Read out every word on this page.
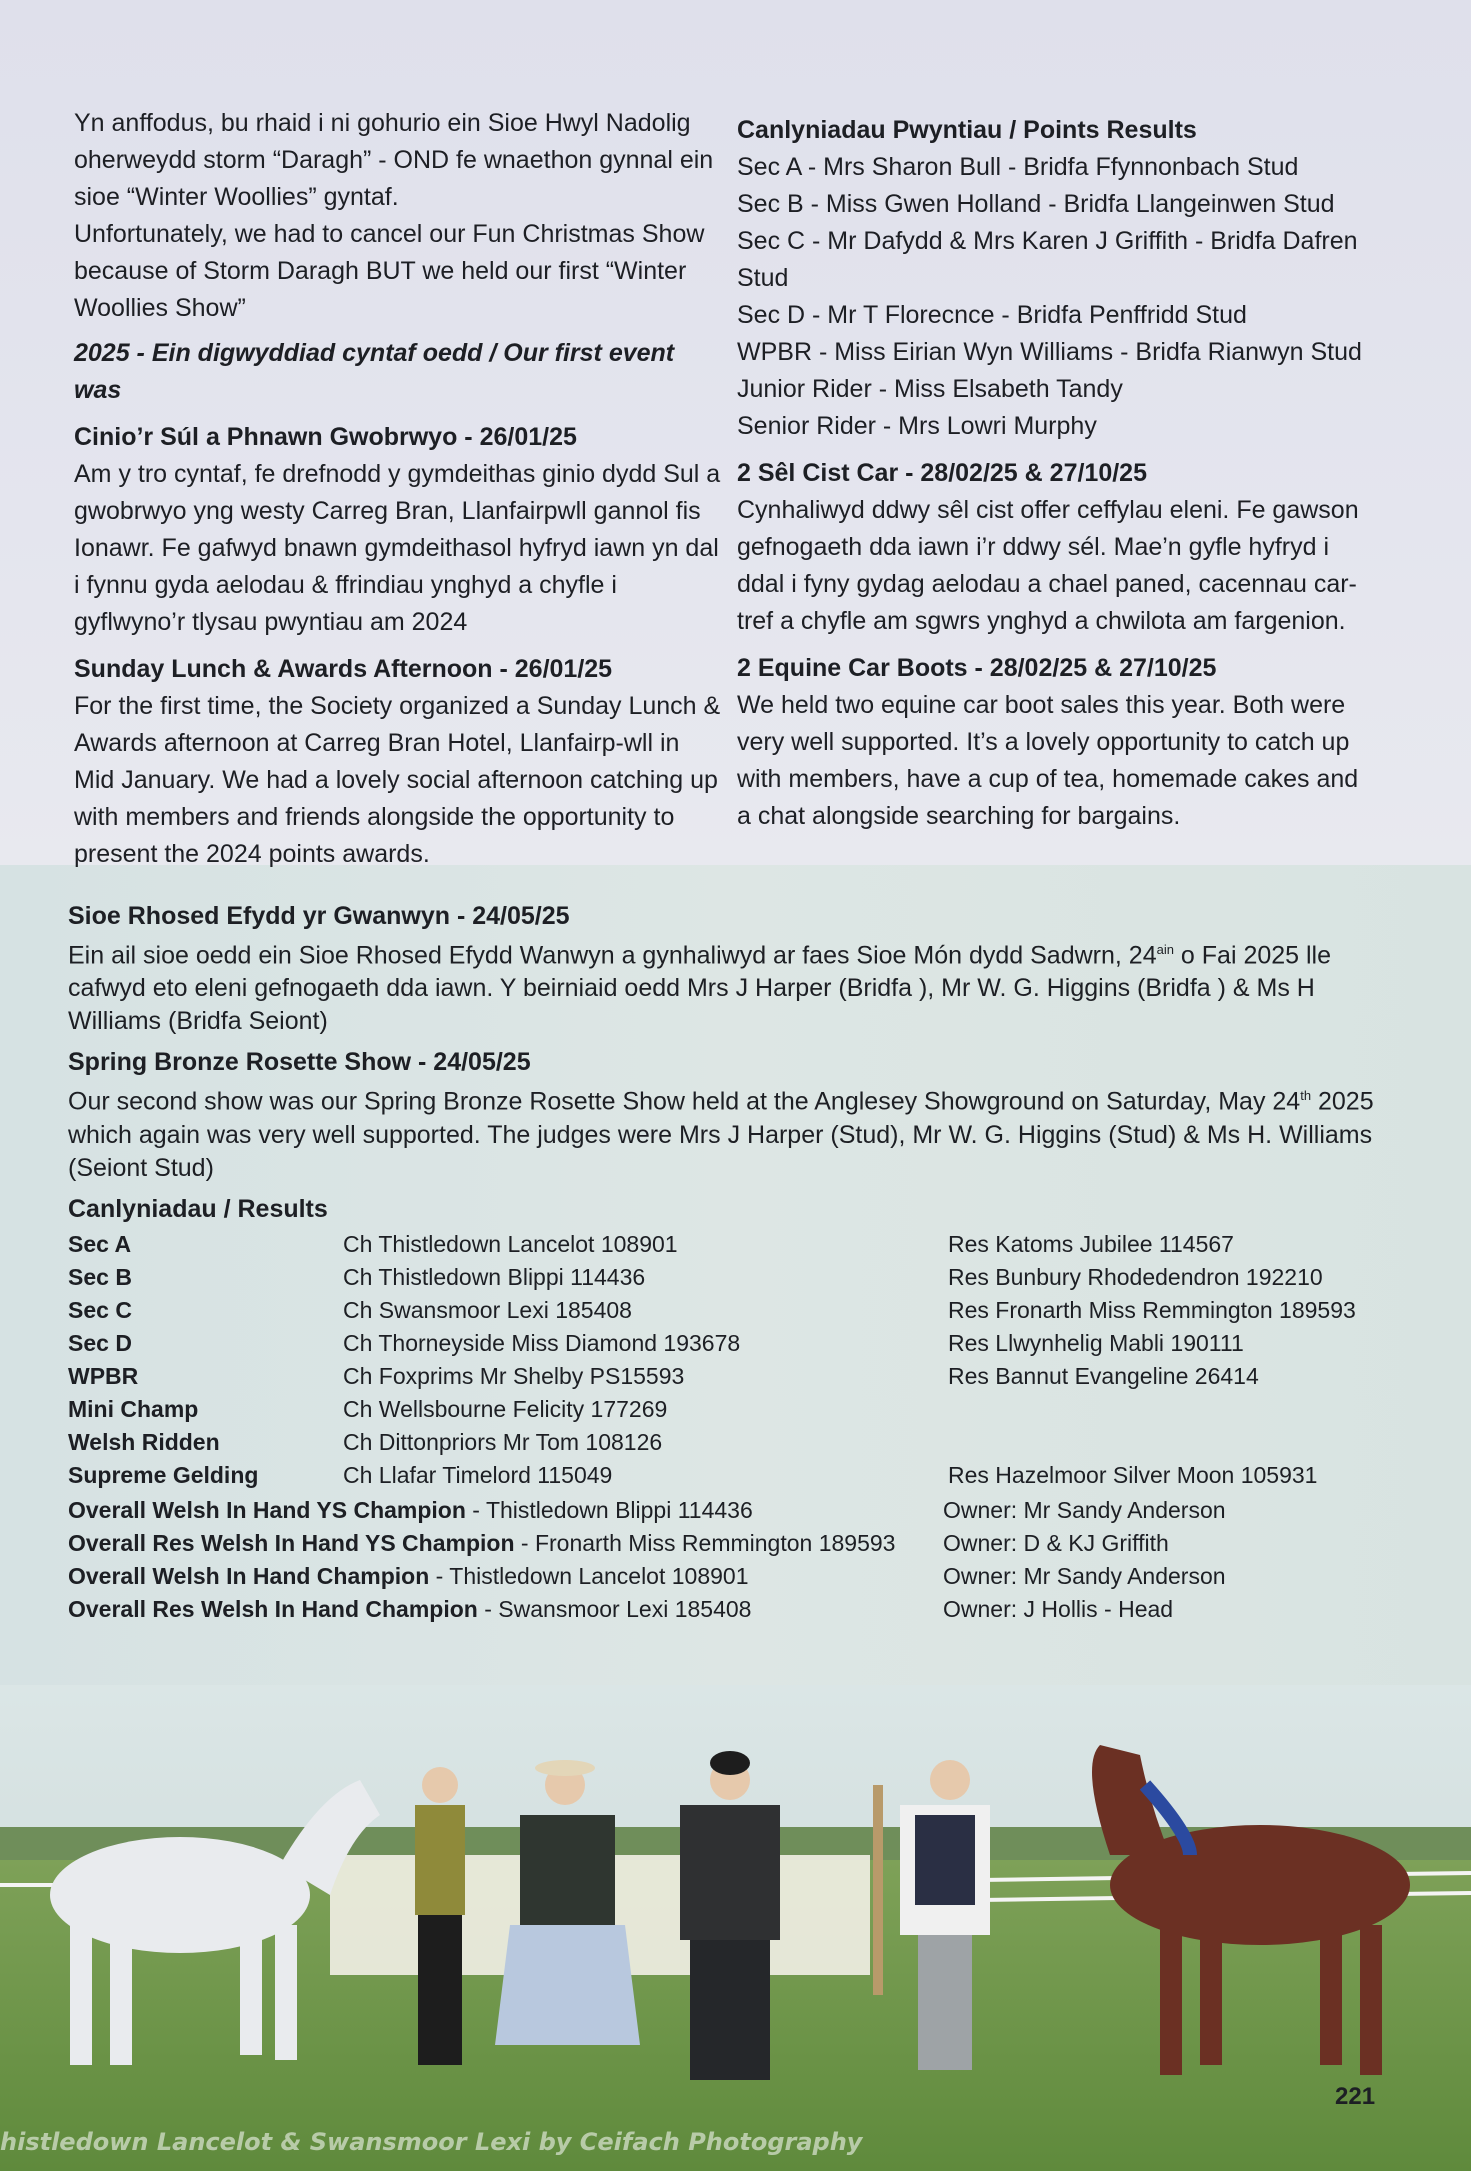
Yn anffodus, bu rhaid i ni gohurio ein Sioe Hwyl Nadolig oherweydd storm “Daragh” - OND fe wnaethon gynnal ein sioe “Winter Woollies” gyntaf.

Unfortunately, we had to cancel our Fun Christmas Show because of Storm Daragh BUT we held our first “Winter Woollies Show”

2025 - Ein digwyddiad cyntaf oedd / Our first event was

Cinio’r Súl a Phnawn Gwobrwyo - 26/01/25

Am y tro cyntaf, fe drefnodd y gymdeithas ginio dydd Sul a gwobrwyo yng westy Carreg Bran, Llanfairpwll gannol fis Ionawr. Fe gafwyd bnawn gymdeithasol hyfryd iawn yn dal i fynnu gyda aelodau & ffrindiau ynghyd a chyfle i gyflwyno’r tlysau pwyntiau am 2024

Sunday Lunch & Awards Afternoon - 26/01/25

For the first time, the Society organized a Sunday Lunch & Awards afternoon at Carreg Bran Hotel, Llanfairp-wll in Mid January. We had a lovely social afternoon catching up with members and friends alongside the opportunity to present the 2024 points awards.

Canlyniadau Pwyntiau / Points Results

Sec A - Mrs Sharon Bull - Bridfa Ffynnonbach Stud

Sec B - Miss Gwen Holland - Bridfa Llangeinwen Stud

Sec C - Mr Dafydd & Mrs Karen J Griffith - Bridfa Dafren Stud

Sec D - Mr T Florecnce - Bridfa Penffridd Stud

WPBR - Miss Eirian Wyn Williams - Bridfa Rianwyn Stud

Junior Rider - Miss Elsabeth Tandy

Senior Rider - Mrs Lowri Murphy

2 Sêl Cist Car - 28/02/25 & 27/10/25

Cynhaliwyd ddwy sêl cist offer ceffylau eleni. Fe gawson gefnogaeth dda iawn i’r ddwy sél. Mae’n gyfle hyfryd i ddal i fyny gydag aelodau a chael paned, cacennau car-tref a chyfle am sgwrs ynghyd a chwilota am fargenion.

2 Equine Car Boots - 28/02/25 & 27/10/25

We held two equine car boot sales this year. Both were very well supported. It’s a lovely opportunity to catch up with members, have a cup of tea, homemade cakes and a chat alongside searching for bargains.

Sioe Rhosed Efydd yr Gwanwyn - 24/05/25

Ein ail sioe oedd ein Sioe Rhosed Efydd Wanwyn a gynhaliwyd ar faes Sioe Món dydd Sadwrn, $24^{ain}$ o Fai 2025 lle cafwyd eto eleni gefnogaeth dda iawn. Y beirniaid oedd Mrs J Harper (Bridfa ), Mr W. G. Higgins (Bridfa ) & Ms H Williams (Bridfa Seiont)

Spring Bronze Rosette Show - 24/05/25

Our second show was our Spring Bronze Rosette Show held at the Anglesey Showground on Saturday, May 24th 2025 which again was very well supported. The judges were Mrs J Harper (Stud), Mr W. G. Higgins (Stud) & Ms H. Williams (Seiont Stud)

Canlyniadau / Results

Sec A	Ch Thistledown Lancelot 108901	Res Katoms Jubilee 114567
Sec B	Ch Thistledown Blippi 114436	Res Bunbury Rhodedendron 192210
Sec C	Ch Swansmoor Lexi 185408	Res Fronarth Miss Remmington 189593
Sec D	Ch Thorneyside Miss Diamond 193678	Res Llwynhelig Mabli 190111
WPBR	Ch Foxprims Mr Shelby PS15593	Res Bannut Evangeline 26414
Mini Champ	Ch Wellsbourne Felicity 177269	
Welsh Ridden	Ch Dittonpriors Mr Tom 108126	
Supreme Gelding	Ch Llafar Timelord 115049	Res Hazelmoor Silver Moon 105931
Overall Welsh In Hand YS Champion - Thistledown Blippi 114436	Owner: Mr Sandy Anderson
Overall Res Welsh In Hand YS Champion - Fronarth Miss Remmington 189593	Owner: D & KJ Griffith
Overall Welsh In Hand Champion - Thistledown Lancelot 108901	Owner: Mr Sandy Anderson
Overall Res Welsh In Hand Champion - Swansmoor Lexi 185408	Owner: J Hollis - Head
histledown Lancelot & Swansmoor Lexi by Ceifach Photography
221
